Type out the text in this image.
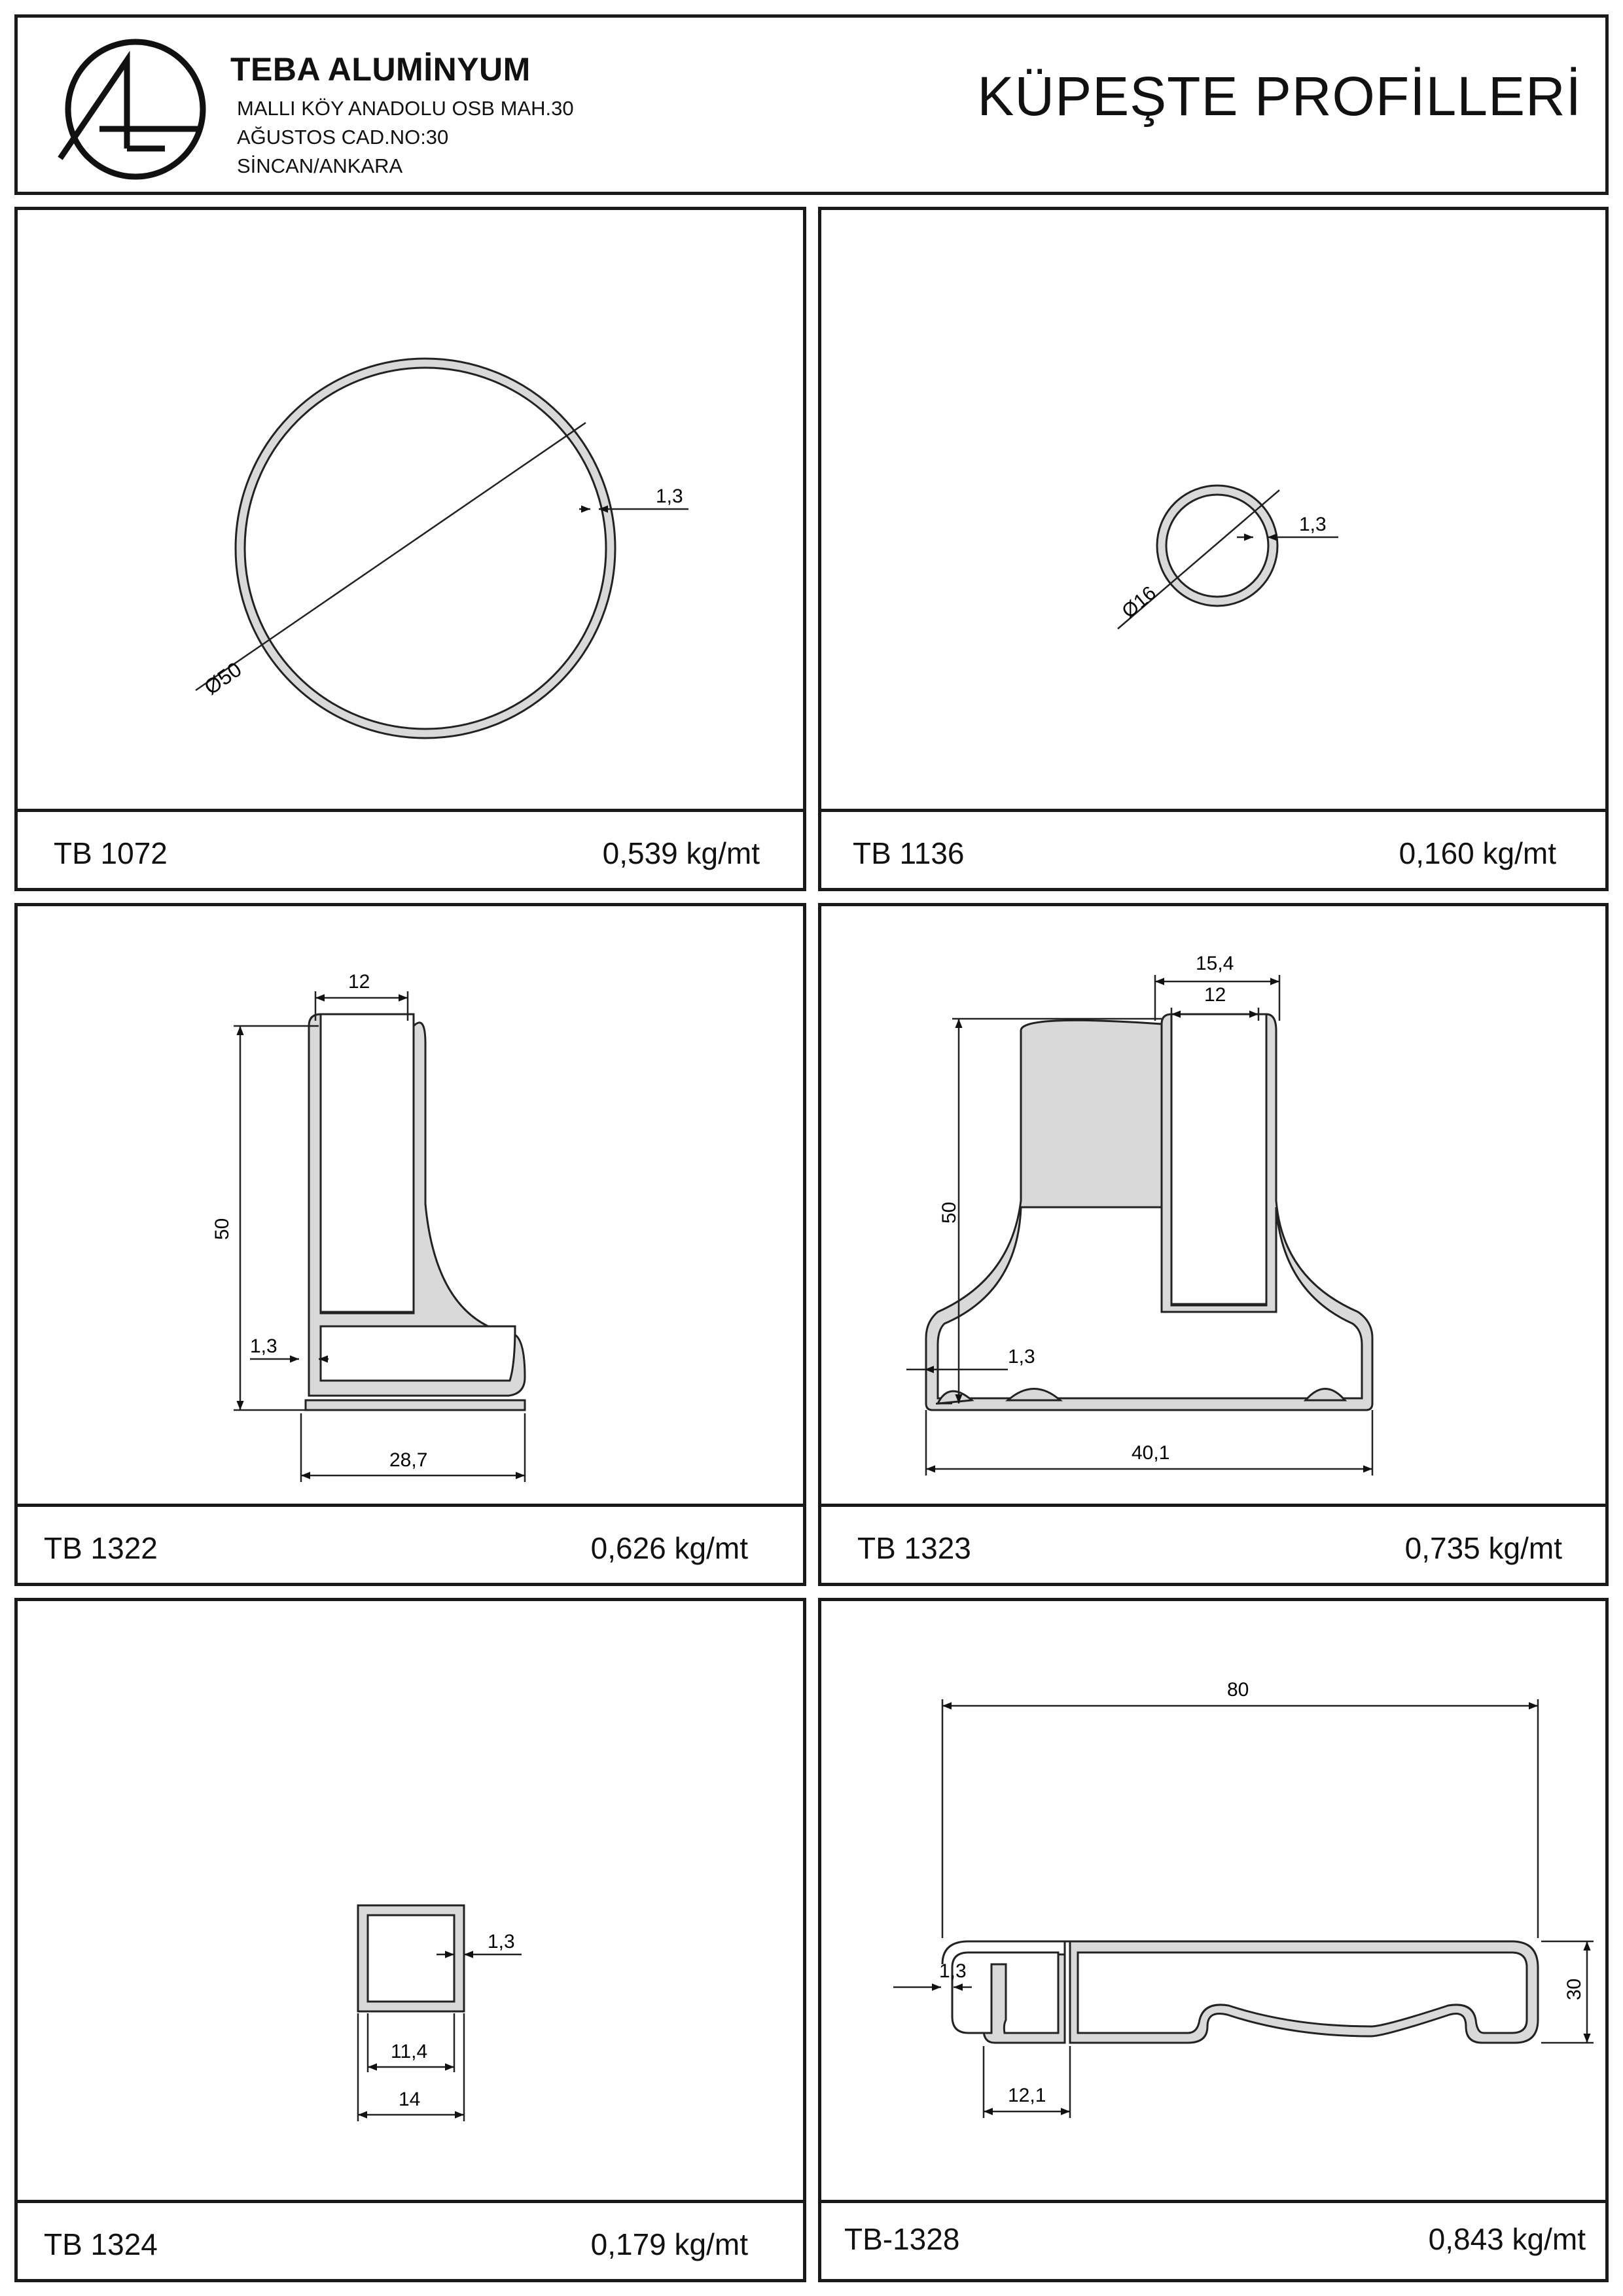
TEBA ALUMİNYUM
MALLI KÖY ANADOLU OSB MAH.30
AĞUSTOS CAD.NO:30
SİNCAN/ANKARA
KÜPEŞTE PROFİLLERİ
Ø50
1,3
TB 1072	0,539 kg/mt
Ø16
1,3
TB 1136	0,160 kg/mt
12
50
1,3
28,7
TB 1322	0,626 kg/mt
15,4
12
50
1,3
40,1
TB 1323	0,735 kg/mt
1,3
11,4
14
TB 1324	0,179 kg/mt
80
30
1,3
12,1
TB-1328	0,843 kg/mt
